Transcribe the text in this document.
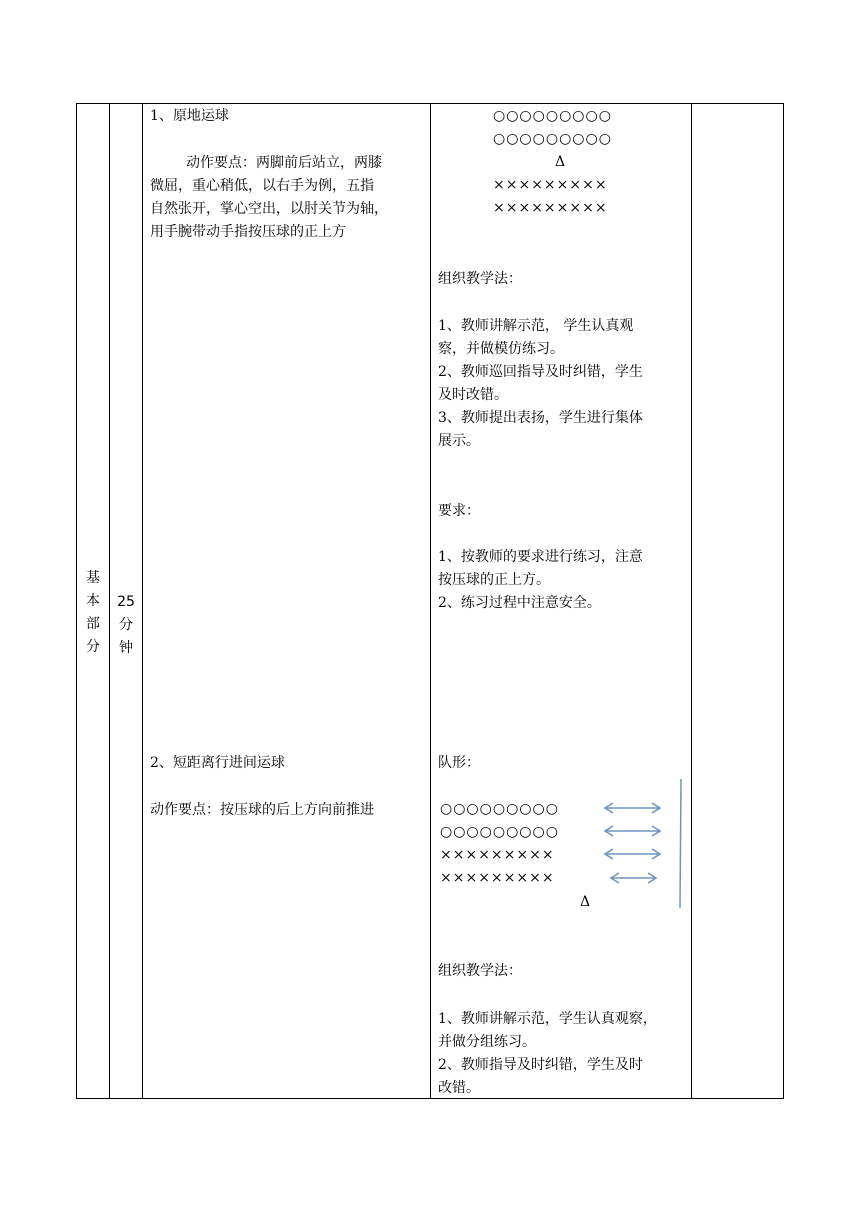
基
本
部
分
25
分
钟
1、原地运球
动作要点：两脚前后站立，两膝
微屈，重心稍低，以右手为例，五指
自然张开，掌心空出，以肘关节为轴，
用手腕带动手指按压球的正上方
2、短距离行进间运球
动作要点：按压球的后上方向前推进
○○○○○○○○○
○○○○○○○○○
Δ
×××××××××
×××××××××
组织教学法：
1、教师讲解示范， 学生认真观
察，并做模仿练习。
2、教师巡回指导及时纠错，学生
及时改错。
3、教师提出表扬，学生进行集体
展示。
要求：
1、按教师的要求进行练习，注意
按压球的正上方。
2、练习过程中注意安全。
队形：
○○○○○○○○○
○○○○○○○○○
×××××××××
×××××××××
Δ
组织教学法：
1、教师讲解示范，学生认真观察，
并做分组练习。
2、教师指导及时纠错，学生及时
改错。
